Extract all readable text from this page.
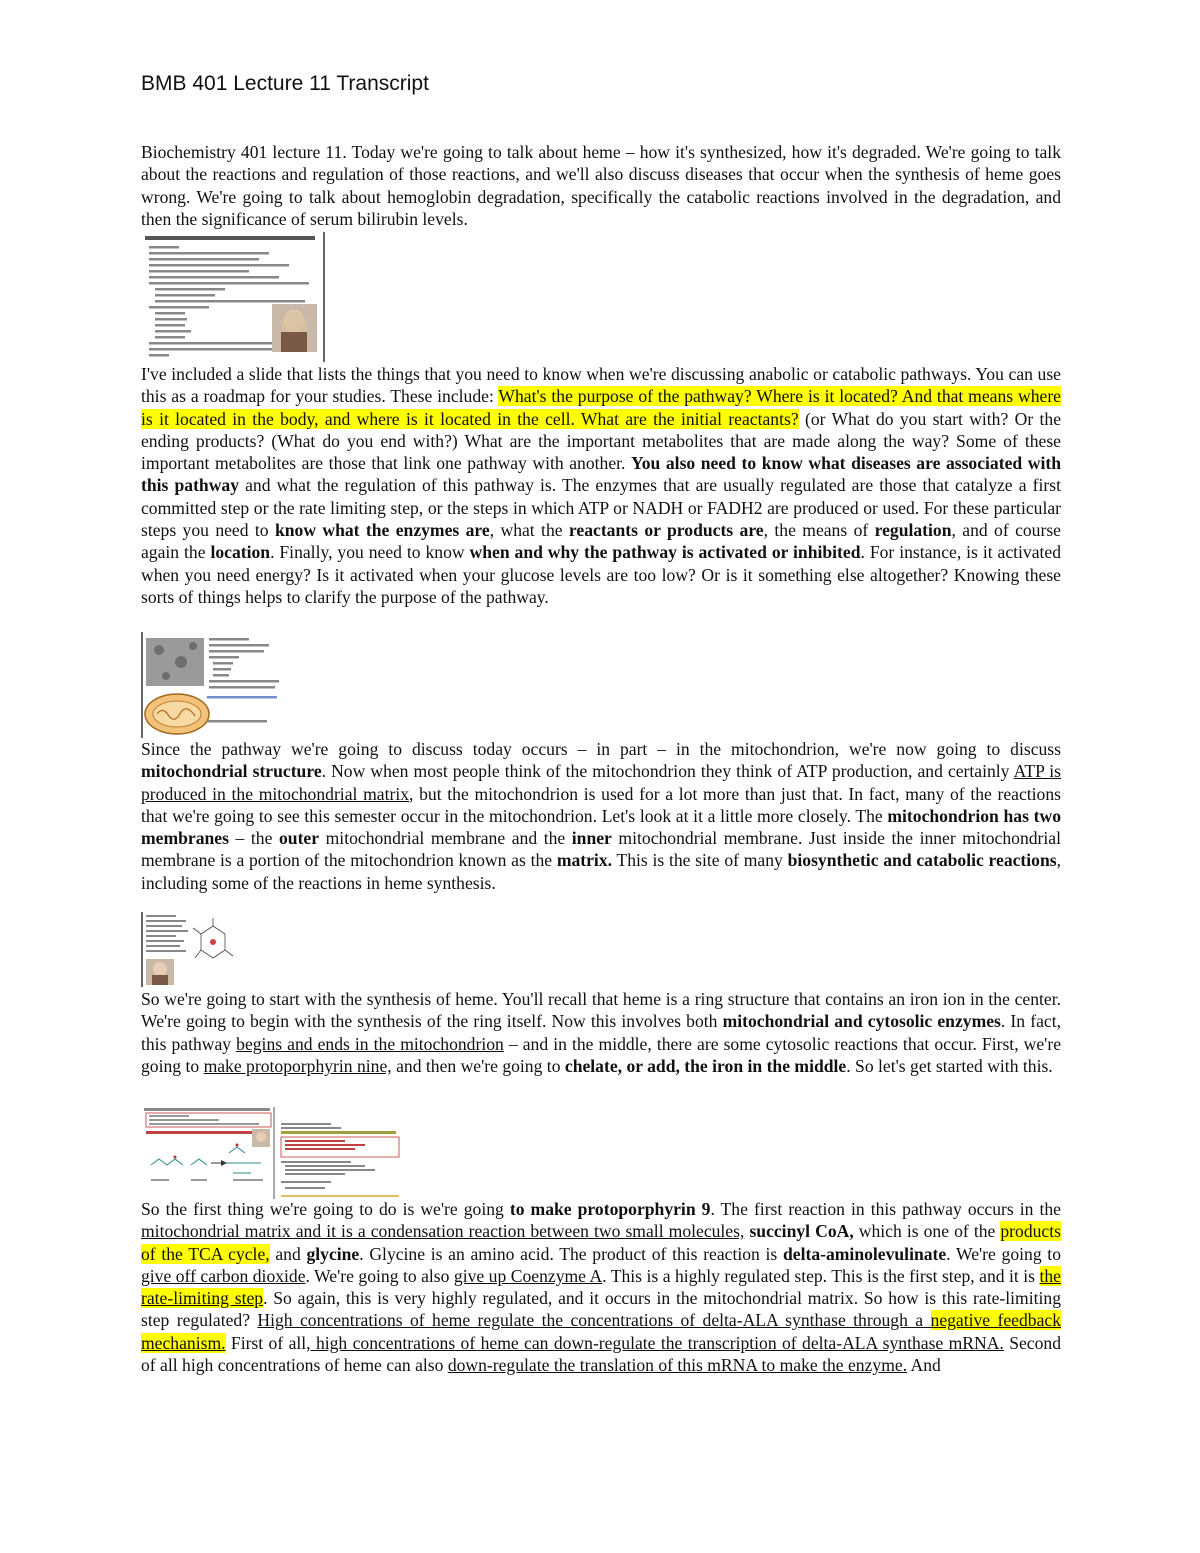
BMB 401 Lecture 11 Transcript

Biochemistry 401 lecture 11. Today we're going to talk about heme – how it's synthesized, how it's degraded. We're going to talk about the reactions and regulation of those reactions, and we'll also discuss diseases that occur when the synthesis of heme goes wrong. We're going to talk about hemoglobin degradation, specifically the catabolic reactions involved in the degradation, and then the significance of serum bilirubin levels.

I've included a slide that lists the things that you need to know when we're discussing anabolic or catabolic pathways. You can use this as a roadmap for your studies. These include: What's the purpose of the pathway? Where is it located? And that means where is it located in the body, and where is it located in the cell. What are the initial reactants? (or What do you start with? Or the ending products? (What do you end with?) What are the important metabolites that are made along the way? Some of these important metabolites are those that link one pathway with another. You also need to know what diseases are associated with this pathway and what the regulation of this pathway is. The enzymes that are usually regulated are those that catalyze a first committed step or the rate limiting step, or the steps in which ATP or NADH or FADH2 are produced or used. For these particular steps you need to know what the enzymes are, what the reactants or products are, the means of regulation, and of course again the location. Finally, you need to know when and why the pathway is activated or inhibited. For instance, is it activated when you need energy? Is it activated when your glucose levels are too low? Or is it something else altogether? Knowing these sorts of things helps to clarify the purpose of the pathway.

Since the pathway we're going to discuss today occurs – in part – in the mitochondrion, we're now going to discuss mitochondrial structure. Now when most people think of the mitochondrion they think of ATP production, and certainly ATP is produced in the mitochondrial matrix, but the mitochondrion is used for a lot more than just that. In fact, many of the reactions that we're going to see this semester occur in the mitochondrion. Let's look at it a little more closely. The mitochondrion has two membranes – the outer mitochondrial membrane and the inner mitochondrial membrane. Just inside the inner mitochondrial membrane is a portion of the mitochondrion known as the matrix. This is the site of many biosynthetic and catabolic reactions, including some of the reactions in heme synthesis.

So we're going to start with the synthesis of heme. You'll recall that heme is a ring structure that contains an iron ion in the center. We're going to begin with the synthesis of the ring itself. Now this involves both mitochondrial and cytosolic enzymes. In fact, this pathway begins and ends in the mitochondrion – and in the middle, there are some cytosolic reactions that occur. First, we're going to make protoporphyrin nine, and then we're going to chelate, or add, the iron in the middle. So let's get started with this.

So the first thing we're going to do is we're going to make protoporphyrin 9. The first reaction in this pathway occurs in the mitochondrial matrix and it is a condensation reaction between two small molecules, succinyl CoA, which is one of the products of the TCA cycle, and glycine. Glycine is an amino acid. The product of this reaction is delta-aminolevulinate. We're going to give off carbon dioxide. We're going to also give up Coenzyme A. This is a highly regulated step. This is the first step, and it is the rate-limiting step. So again, this is very highly regulated, and it occurs in the mitochondrial matrix. So how is this rate-limiting step regulated? High concentrations of heme regulate the concentrations of delta-ALA synthase through a negative feedback mechanism. First of all, high concentrations of heme can down-regulate the transcription of delta-ALA synthase mRNA. Second of all high concentrations of heme can also down-regulate the translation of this mRNA to make the enzyme. And
